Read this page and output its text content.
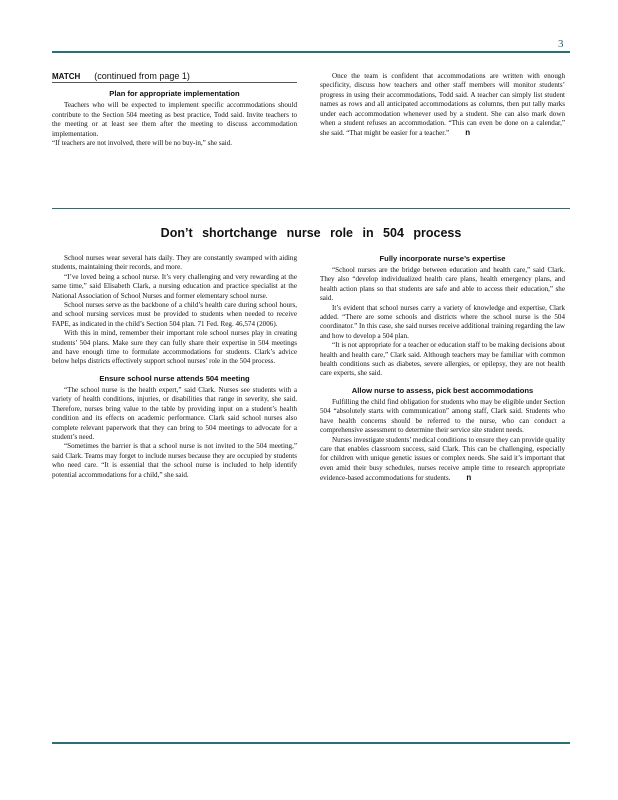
3
MATCH (continued from page 1)
Plan for appropriate implementation

Teachers who will be expected to implement specific accommodations should contribute to the Section 504 meeting as best practice, Todd said. Invite teachers to the meeting or at least see them after the meeting to discuss accommodation implementation.

“If teachers are not involved, there will be no buy-in,” she said.

Once the team is confident that accommodations are written with enough specificity, discuss how teachers and other staff members will monitor students’ progress in using their accommodations, Todd said. A teacher can simply list student names as rows and all anticipated accommodations as columns, then put tally marks under each accommodation whenever used by a student. She can also mark down when a student refuses an accommodation. “This can even be done on a calendar,” she said. “That might be easier for a teacher.” n

Don’t shortchange nurse role in 504 process

School nurses wear several hats daily. They are constantly swamped with aiding students, maintaining their records, and more.

“I’ve loved being a school nurse. It’s very challenging and very rewarding at the same time,” said Elisabeth Clark, a nursing education and practice specialist at the National Association of School Nurses and former elementary school nurse.

School nurses serve as the backbone of a child’s health care during school hours, and school nursing services must be provided to students when needed to receive FAPE, as indicated in the child’s Section 504 plan. 71 Fed. Reg. 46,574 (2006).

With this in mind, remember their important role school nurses play in creating students’ 504 plans. Make sure they can fully share their expertise in 504 meetings and have enough time to formulate accommodations for students. Clark’s advice below helps districts effectively support school nurses’ role in the 504 process.

Ensure school nurse attends 504 meeting

“The school nurse is the health expert,” said Clark. Nurses see students with a variety of health conditions, injuries, or disabilities that range in severity, she said. Therefore, nurses bring value to the table by providing input on a student’s health condition and its effects on academic performance. Clark said school nurses also complete relevant paperwork that they can bring to 504 meetings to advocate for a student’s need.

“Sometimes the barrier is that a school nurse is not invited to the 504 meeting,” said Clark. Teams may forget to include nurses because they are occupied by students who need care. “It is essential that the school nurse is included to help identify potential accommodations for a child,” she said.

Fully incorporate nurse’s expertise

“School nurses are the bridge between education and health care,” said Clark. They also “develop individualized health care plans, health emergency plans, and health action plans so that students are safe and able to access their education,” she said.

It’s evident that school nurses carry a variety of knowledge and expertise, Clark added. “There are some schools and districts where the school nurse is the 504 coordinator.” In this case, she said nurses receive additional training regarding the law and how to develop a 504 plan.

“It is not appropriate for a teacher or education staff to be making decisions about health and health care,” Clark said. Although teachers may be familiar with common health conditions such as diabetes, severe allergies, or epilepsy, they are not health care experts, she said.

Allow nurse to assess, pick best accommodations

Fulfilling the child find obligation for students who may be eligible under Section 504 “absolutely starts with communication” among staff, Clark said. Students who have health concerns should be referred to the nurse, who can conduct a comprehensive assessment to determine their service site student needs.

Nurses investigate students’ medical conditions to ensure they can provide quality care that enables classroom success, said Clark. This can be challenging, especially for children with unique genetic issues or complex needs. She said it’s important that even amid their busy schedules, nurses receive ample time to research appropriate evidence-based accommodations for students. n
